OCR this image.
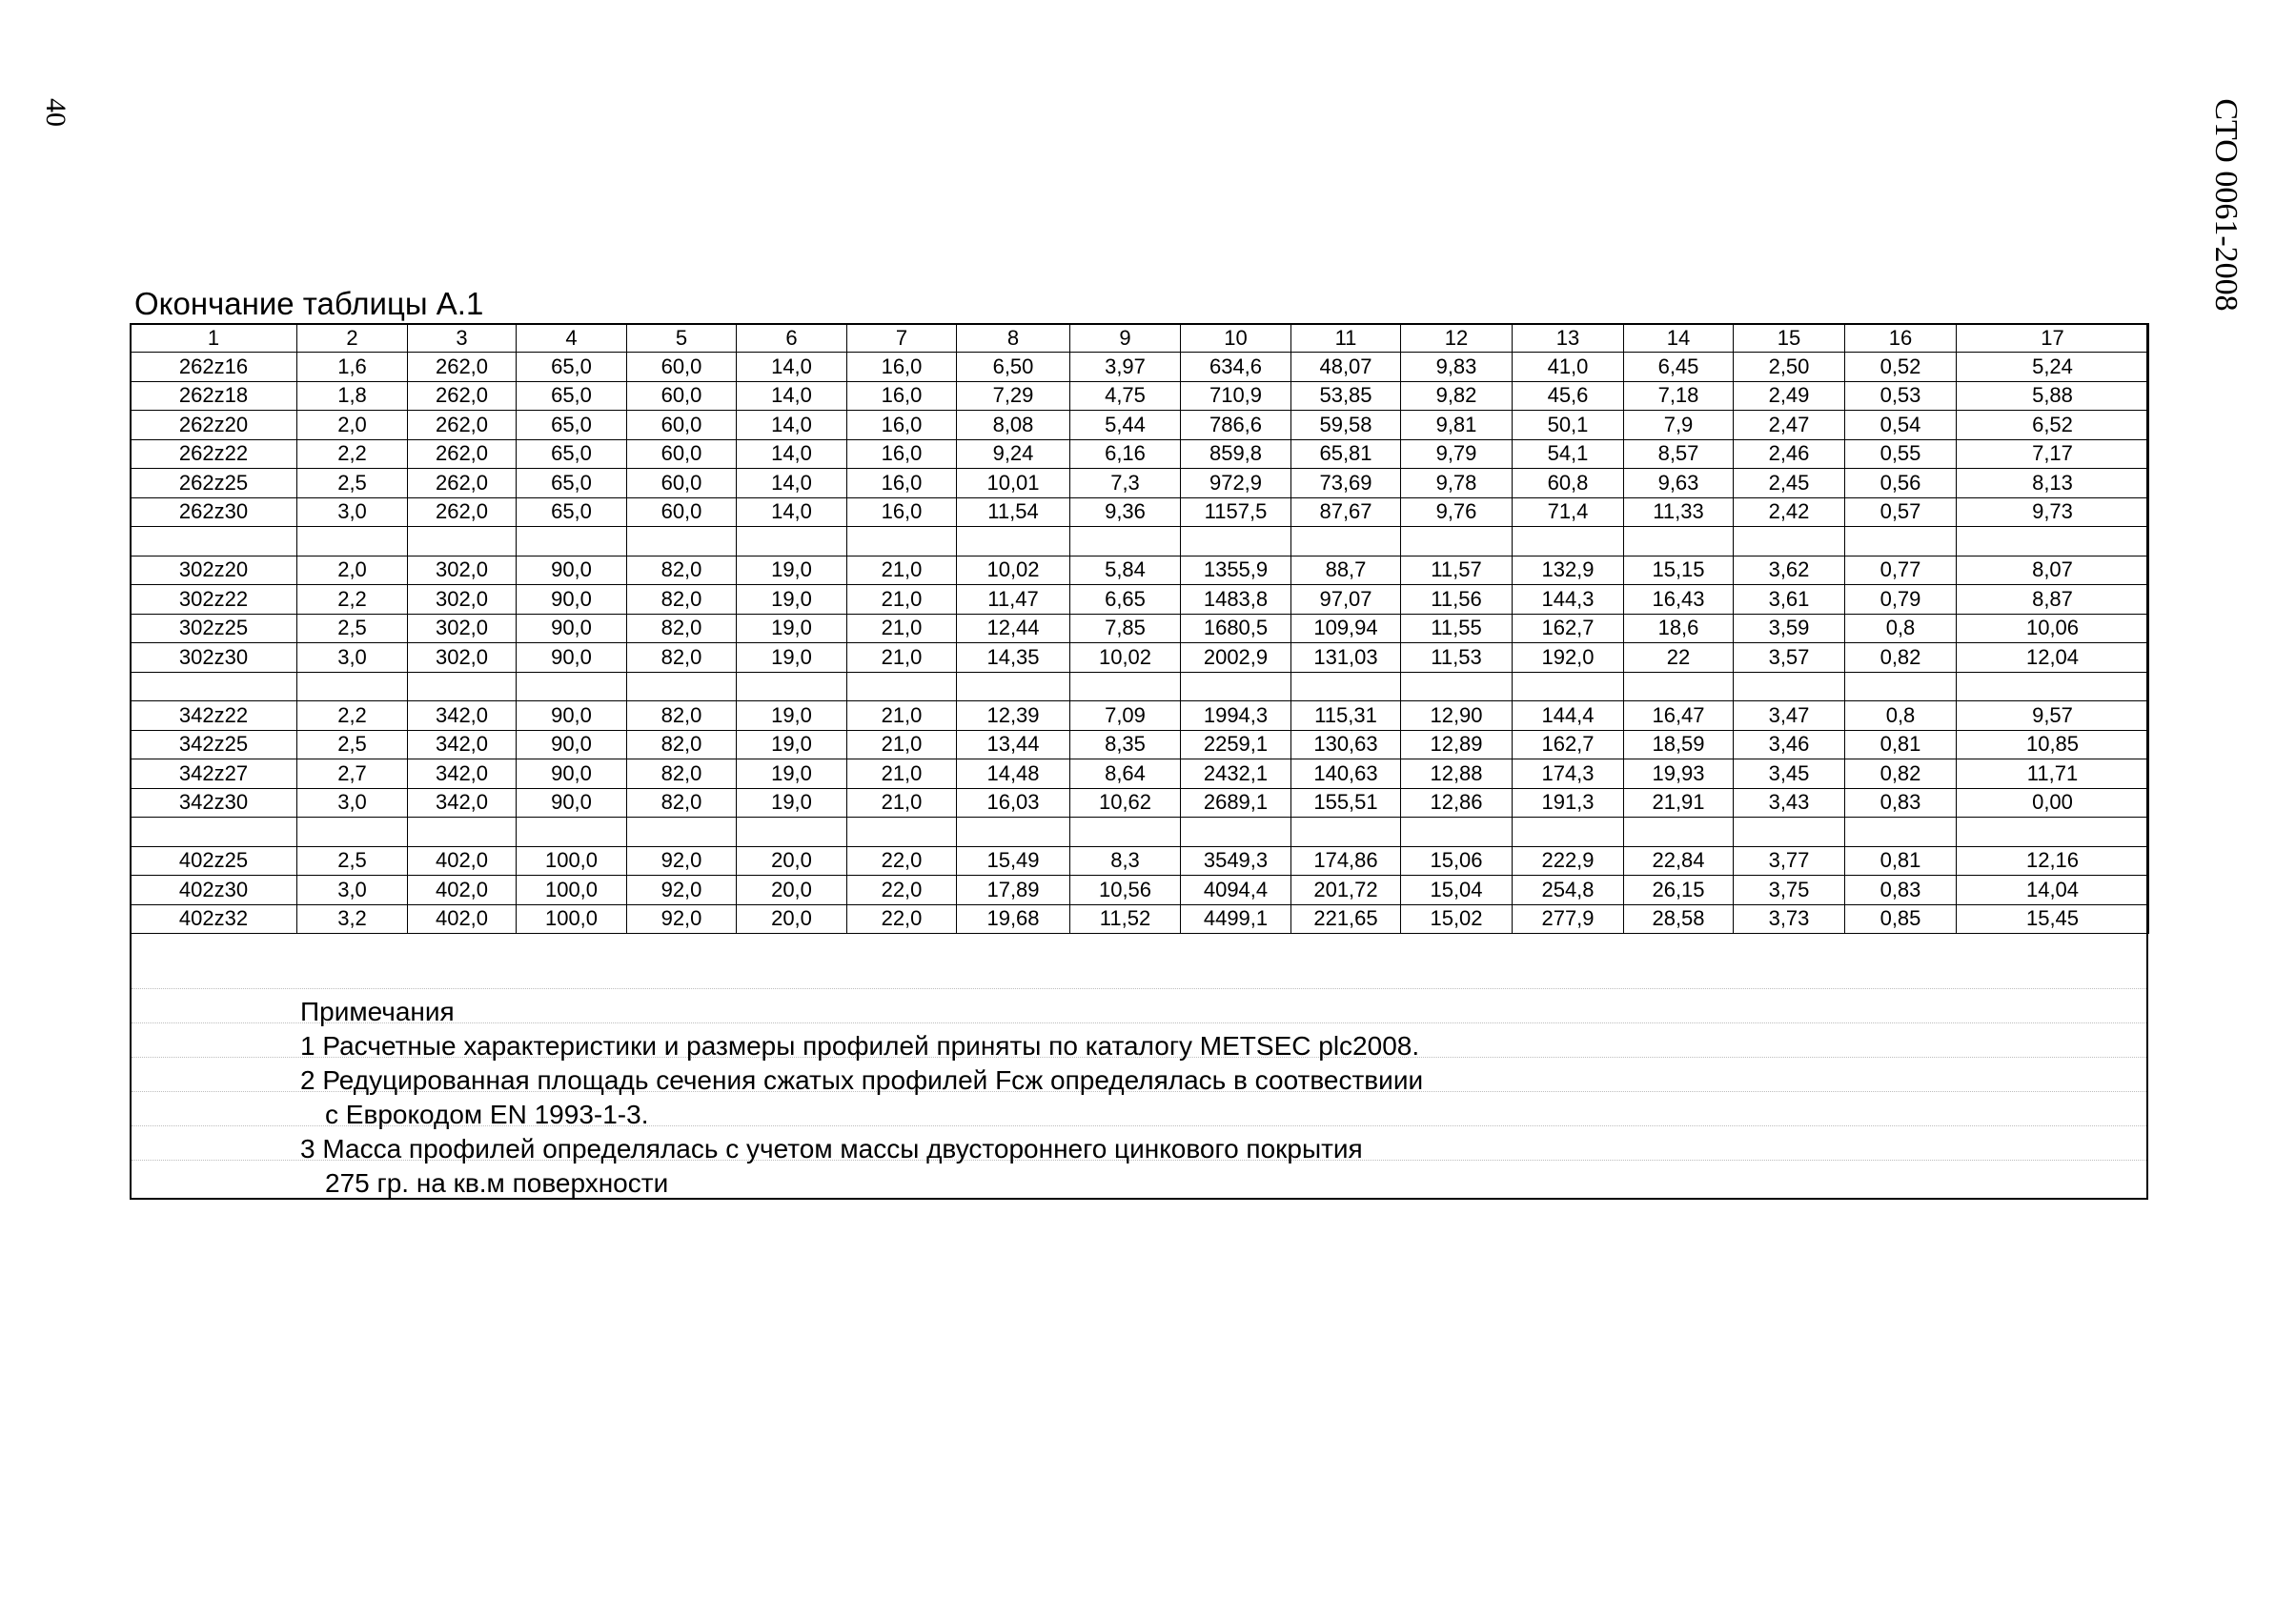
40	СТО 0061-2008
Окончание таблицы А.1
1	2	3	4	5	6	7	8	9	10	11	12	13	14	15	16	17
262z16	1,6	262,0	65,0	60,0	14,0	16,0	6,50	3,97	634,6	48,07	9,83	41,0	6,45	2,50	0,52	5,24
262z18	1,8	262,0	65,0	60,0	14,0	16,0	7,29	4,75	710,9	53,85	9,82	45,6	7,18	2,49	0,53	5,88
262z20	2,0	262,0	65,0	60,0	14,0	16,0	8,08	5,44	786,6	59,58	9,81	50,1	7,9	2,47	0,54	6,52
262z22	2,2	262,0	65,0	60,0	14,0	16,0	9,24	6,16	859,8	65,81	9,79	54,1	8,57	2,46	0,55	7,17
262z25	2,5	262,0	65,0	60,0	14,0	16,0	10,01	7,3	972,9	73,69	9,78	60,8	9,63	2,45	0,56	8,13
262z30	3,0	262,0	65,0	60,0	14,0	16,0	11,54	9,36	1157,5	87,67	9,76	71,4	11,33	2,42	0,57	9,73

302z20	2,0	302,0	90,0	82,0	19,0	21,0	10,02	5,84	1355,9	88,7	11,57	132,9	15,15	3,62	0,77	8,07
302z22	2,2	302,0	90,0	82,0	19,0	21,0	11,47	6,65	1483,8	97,07	11,56	144,3	16,43	3,61	0,79	8,87
302z25	2,5	302,0	90,0	82,0	19,0	21,0	12,44	7,85	1680,5	109,94	11,55	162,7	18,6	3,59	0,8	10,06
302z30	3,0	302,0	90,0	82,0	19,0	21,0	14,35	10,02	2002,9	131,03	11,53	192,0	22	3,57	0,82	12,04

342z22	2,2	342,0	90,0	82,0	19,0	21,0	12,39	7,09	1994,3	115,31	12,90	144,4	16,47	3,47	0,8	9,57
342z25	2,5	342,0	90,0	82,0	19,0	21,0	13,44	8,35	2259,1	130,63	12,89	162,7	18,59	3,46	0,81	10,85
342z27	2,7	342,0	90,0	82,0	19,0	21,0	14,48	8,64	2432,1	140,63	12,88	174,3	19,93	3,45	0,82	11,71
342z30	3,0	342,0	90,0	82,0	19,0	21,0	16,03	10,62	2689,1	155,51	12,86	191,3	21,91	3,43	0,83	0,00

402z25	2,5	402,0	100,0	92,0	20,0	22,0	15,49	8,3	3549,3	174,86	15,06	222,9	22,84	3,77	0,81	12,16
402z30	3,0	402,0	100,0	92,0	20,0	22,0	17,89	10,56	4094,4	201,72	15,04	254,8	26,15	3,75	0,83	14,04
402z32	3,2	402,0	100,0	92,0	20,0	22,0	19,68	11,52	4499,1	221,65	15,02	277,9	28,58	3,73	0,85	15,45
Примечания
1 Расчетные характеристики и размеры профилей приняты по каталогу METSEC plc2008.
2 Редуцированная площадь сечения сжатых профилей Fсж определялась в соотвествиии
с Еврокодом EN 1993-1-3.
3 Масса профилей определялась с учетом массы двустороннего цинкового покрытия
275 гр. на кв.м поверхности
